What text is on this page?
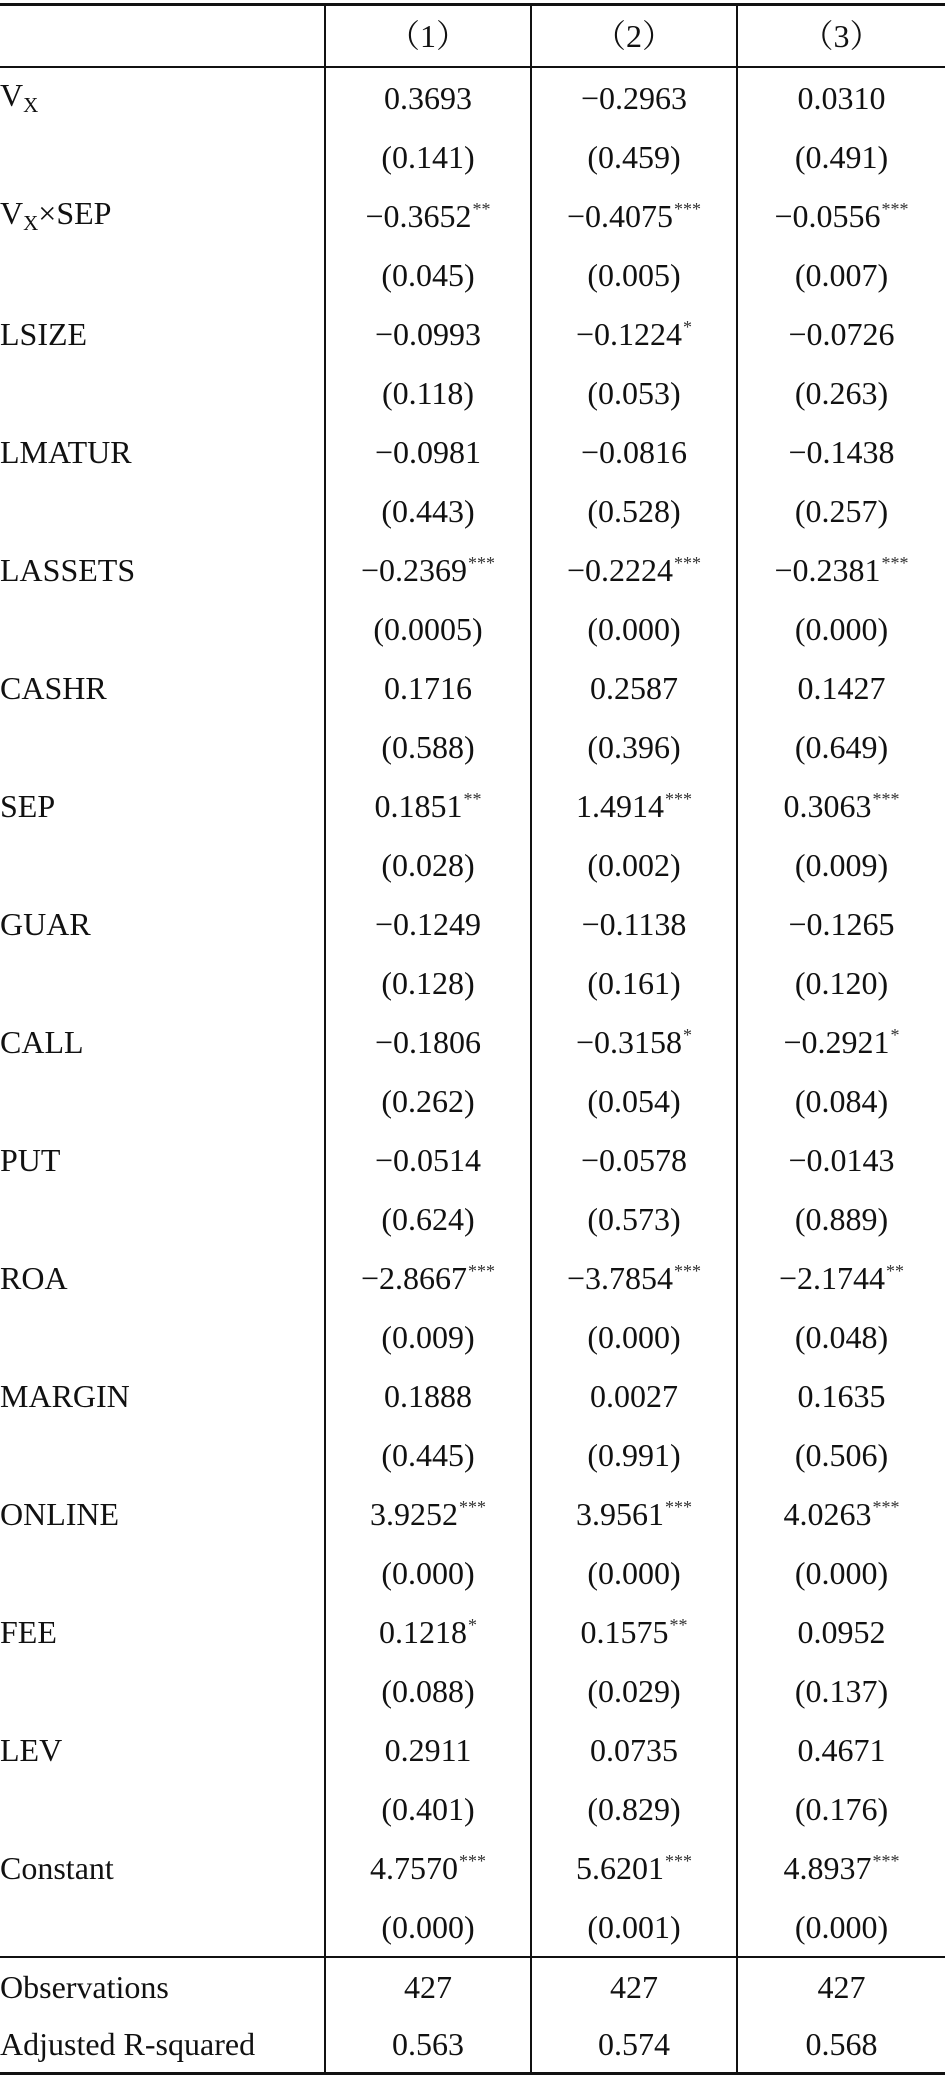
	（1）	（2）	（3）
$V_X$	0.3693	−0.2963	0.0310
	(0.141)	(0.459)	(0.491)
$V_X\times SEP$	−0.3652**	−0.4075***	−0.0556***
	(0.045)	(0.005)	(0.007)
LSIZE	−0.0993	−0.1224*	−0.0726
	(0.118)	(0.053)	(0.263)
LMATUR	−0.0981	−0.0816	−0.1438
	(0.443)	(0.528)	(0.257)
LASSETS	−0.2369***	−0.2224***	−0.2381***
	(0.0005)	(0.000)	(0.000)
CASHR	0.1716	0.2587	0.1427
	(0.588)	(0.396)	(0.649)
SEP	0.1851**	1.4914***	0.3063***
	(0.028)	(0.002)	(0.009)
GUAR	−0.1249	−0.1138	−0.1265
	(0.128)	(0.161)	(0.120)
CALL	−0.1806	−0.3158*	−0.2921*
	(0.262)	(0.054)	(0.084)
PUT	−0.0514	−0.0578	−0.0143
	(0.624)	(0.573)	(0.889)
ROA	−2.8667***	−3.7854***	−2.1744**
	(0.009)	(0.000)	(0.048)
MARGIN	0.1888	0.0027	0.1635
	(0.445)	(0.991)	(0.506)
ONLINE	3.9252***	3.9561***	4.0263***
	(0.000)	(0.000)	(0.000)
FEE	0.1218*	0.1575**	0.0952
	(0.088)	(0.029)	(0.137)
LEV	0.2911	0.0735	0.4671
	(0.401)	(0.829)	(0.176)
Constant	4.7570***	5.6201***	4.8937***
	(0.000)	(0.001)	(0.000)
Observations	427	427	427
Adjusted R-squared	0.563	0.574	0.568
